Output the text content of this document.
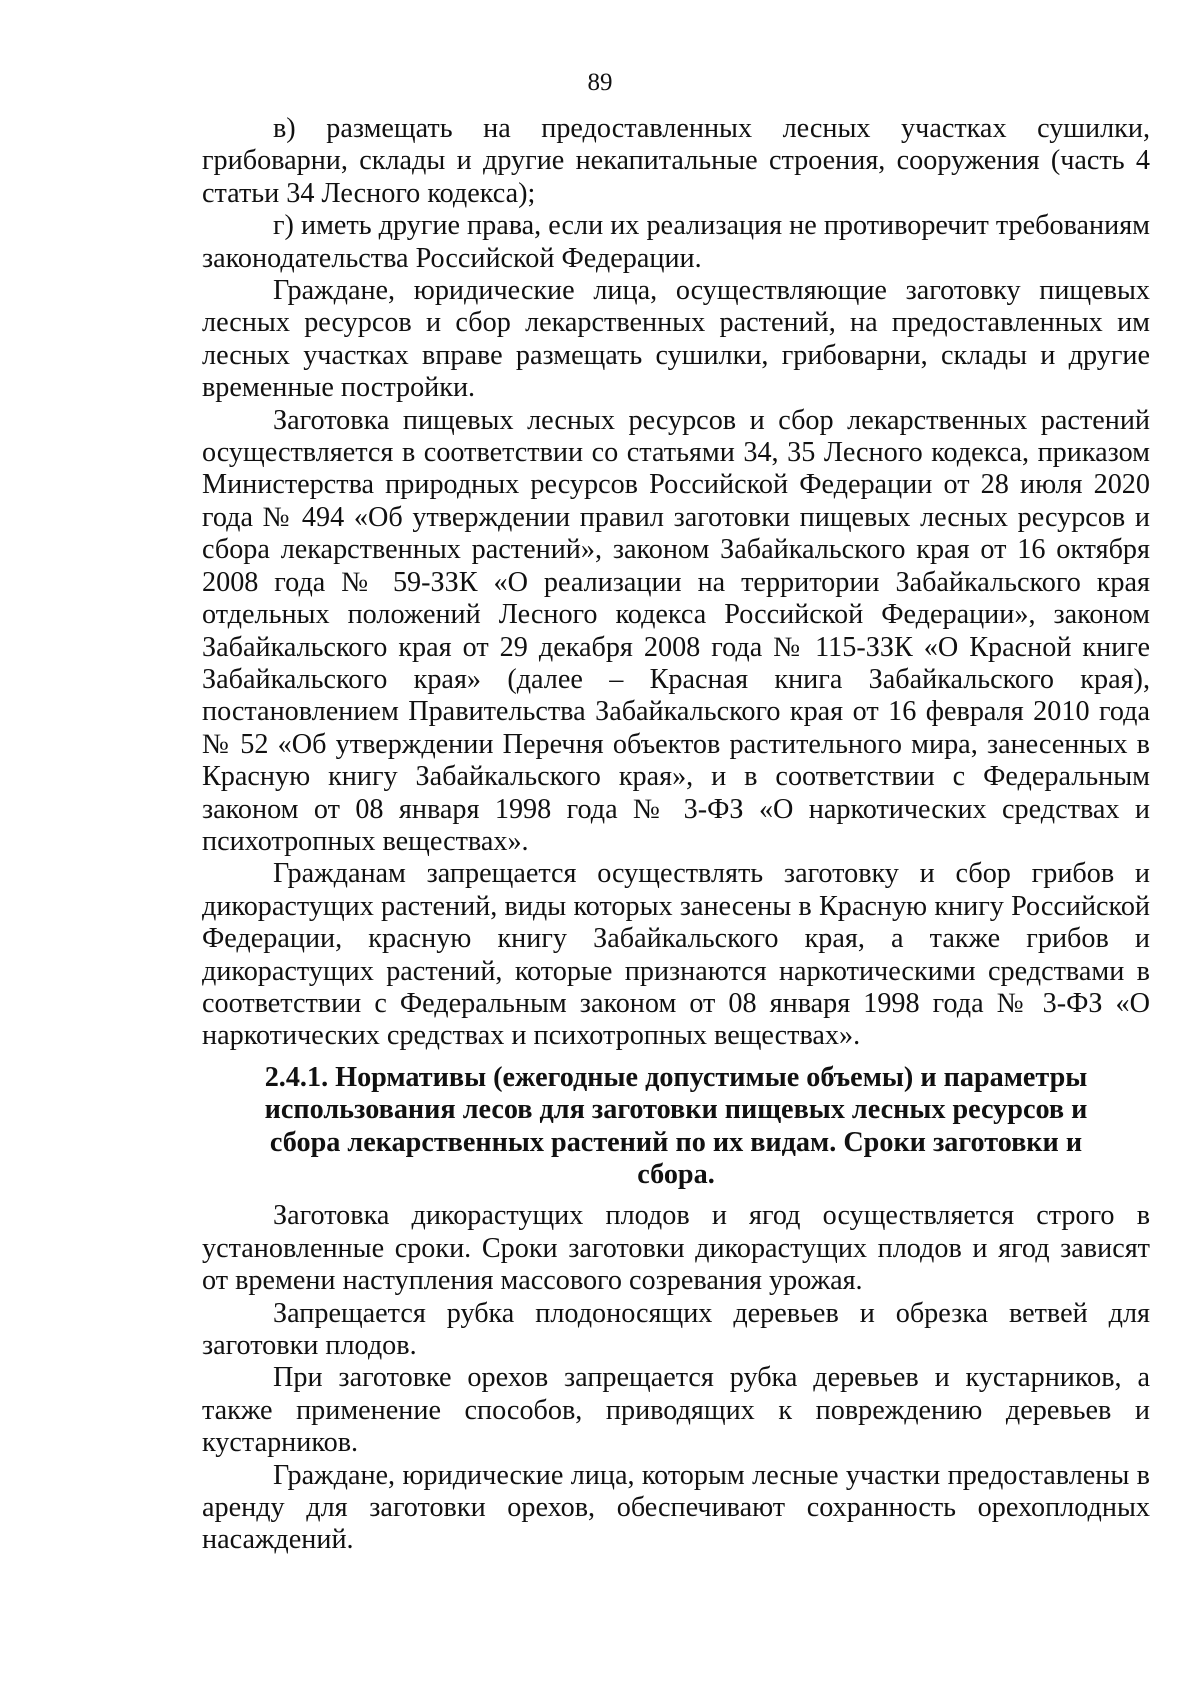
89

в) размещать на предоставленных лесных участках сушилки, грибоварни, склады и другие некапитальные строения, сооружения (часть 4 статьи 34 Лесного кодекса);

г) иметь другие права, если их реализация не противоречит требованиям законодательства Российской Федерации.

Граждане, юридические лица, осуществляющие заготовку пищевых лесных ресурсов и сбор лекарственных растений, на предоставленных им лесных участках вправе размещать сушилки, грибоварни, склады и другие временные постройки.

Заготовка пищевых лесных ресурсов и сбор лекарственных растений осуществляется в соответствии со статьями 34, 35 Лесного кодекса, приказом Министерства природных ресурсов Российской Федерации от 28 июля 2020 года № 494 «Об утверждении правил заготовки пищевых лесных ресурсов и сбора лекарственных растений», законом Забайкальского края от 16 октября 2008 года № 59-ЗЗК «О реализации на территории Забайкальского края отдельных положений Лесного кодекса Российской Федерации», законом Забайкальского края от 29 декабря 2008 года № 115-ЗЗК «О Красной книге Забайкальского края» (далее – Красная книга Забайкальского края), постановлением Правительства Забайкальского края от 16 февраля 2010 года № 52 «Об утверждении Перечня объектов растительного мира, занесенных в Красную книгу Забайкальского края», и в соответствии с Федеральным законом от 08 января 1998 года № 3-ФЗ «О наркотических средствах и психотропных веществах».

Гражданам запрещается осуществлять заготовку и сбор грибов и дикорастущих растений, виды которых занесены в Красную книгу Российской Федерации, красную книгу Забайкальского края, а также грибов и дикорастущих растений, которые признаются наркотическими средствами в соответствии с Федеральным законом от 08 января 1998 года № 3-ФЗ «О наркотических средствах и психотропных веществах».

2.4.1. Нормативы (ежегодные допустимые объемы) и параметры использования лесов для заготовки пищевых лесных ресурсов и сбора лекарственных растений по их видам. Сроки заготовки и сбора.

Заготовка дикорастущих плодов и ягод осуществляется строго в установленные сроки. Сроки заготовки дикорастущих плодов и ягод зависят от времени наступления массового созревания урожая.

Запрещается рубка плодоносящих деревьев и обрезка ветвей для заготовки плодов.

При заготовке орехов запрещается рубка деревьев и кустарников, а также применение способов, приводящих к повреждению деревьев и кустарников.

Граждане, юридические лица, которым лесные участки предоставлены в аренду для заготовки орехов, обеспечивают сохранность орехоплодных насаждений.
